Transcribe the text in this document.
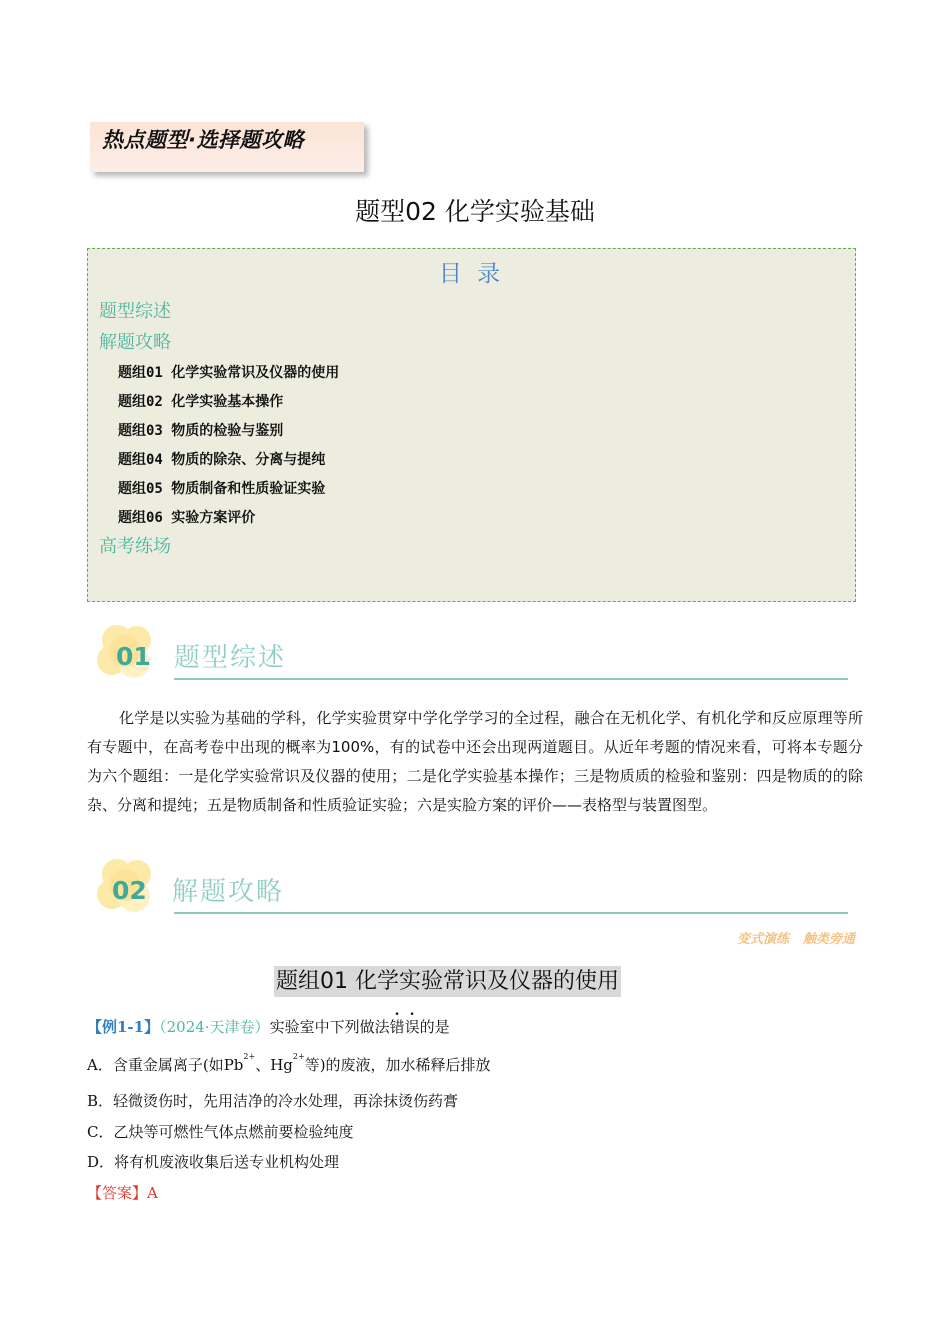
热点题型·选择题攻略
题型02 化学实验基础
目 录
题型综述
解题攻略
题组01 化学实验常识及仪器的使用
题组02 化学实验基本操作
题组03 物质的检验与鉴别
题组04 物质的除杂、分离与提纯
题组05 物质制备和性质验证实验
题组06 实验方案评价
高考练场
01 题型综述
化学是以实验为基础的学科，化学实验贯穿中学化学学习的全过程，融合在无机化学、有机化学和反应原理等所有专题中，在高考卷中出现的概率为100%，有的试卷中还会出现两道题目。从近年考题的情况来看，可将本专题分为六个题组：一是化学实验常识及仪器的使用；二是化学实验基本操作；三是物质质的检验和鉴别：四是物质的的除杂、分离和提纯；五是物质制备和性质验证实验；六是实脸方案的评价——表格型与装置图型。
02 解题攻略
变式演练 触类旁通
题组01 化学实验常识及仪器的使用
【例1-1】（2024·天津卷）实验室中下列做法错误的是
A．含重金属离子(如$Pb^{2+}$、$Hg^{2+}$等)的废液，加水稀释后排放
B．轻微烫伤时，先用洁净的冷水处理，再涂抹烫伤药膏
C．乙炔等可燃性气体点燃前要检验纯度
D．将有机废液收集后送专业机构处理
【答案】A
